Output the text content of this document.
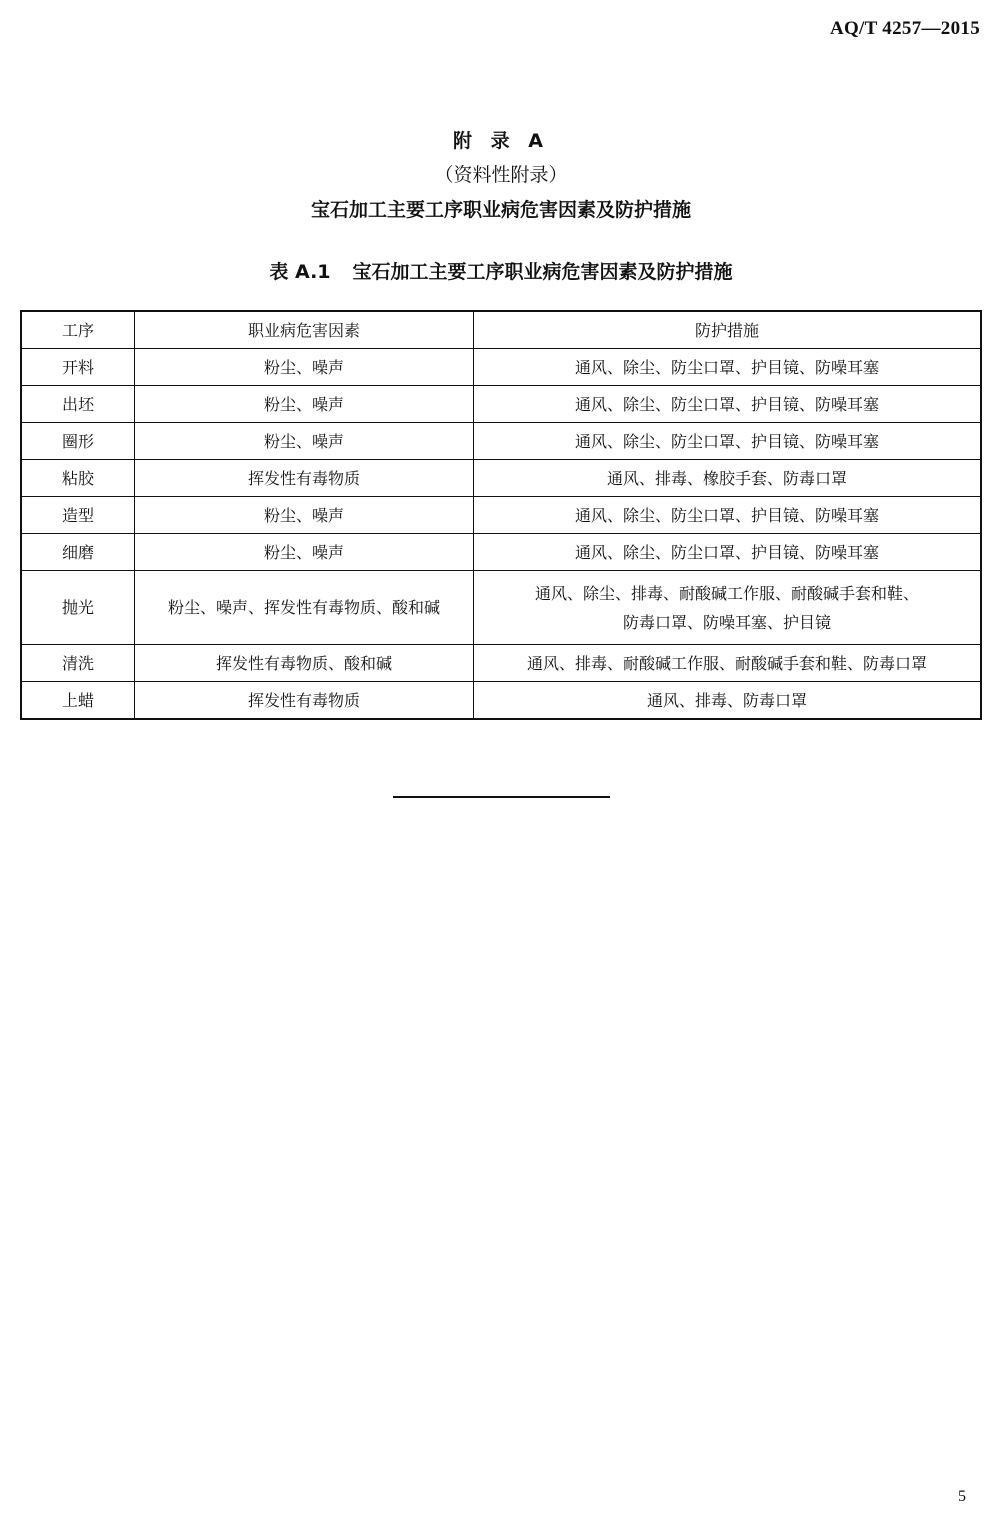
AQ/T 4257—2015
附 录 A
（资料性附录）
宝石加工主要工序职业病危害因素及防护措施
表 A.1 宝石加工主要工序职业病危害因素及防护措施
工序	职业病危害因素	防护措施
开料	粉尘、噪声	通风、除尘、防尘口罩、护目镜、防噪耳塞
出坯	粉尘、噪声	通风、除尘、防尘口罩、护目镜、防噪耳塞
圈形	粉尘、噪声	通风、除尘、防尘口罩、护目镜、防噪耳塞
粘胶	挥发性有毒物质	通风、排毒、橡胶手套、防毒口罩
造型	粉尘、噪声	通风、除尘、防尘口罩、护目镜、防噪耳塞
细磨	粉尘、噪声	通风、除尘、防尘口罩、护目镜、防噪耳塞
抛光	粉尘、噪声、挥发性有毒物质、酸和碱	通风、除尘、排毒、耐酸碱工作服、耐酸碱手套和鞋、
防毒口罩、防噪耳塞、护目镜

清洗	挥发性有毒物质、酸和碱	通风、排毒、耐酸碱工作服、耐酸碱手套和鞋、防毒口罩
上蜡	挥发性有毒物质	通风、排毒、防毒口罩
5
